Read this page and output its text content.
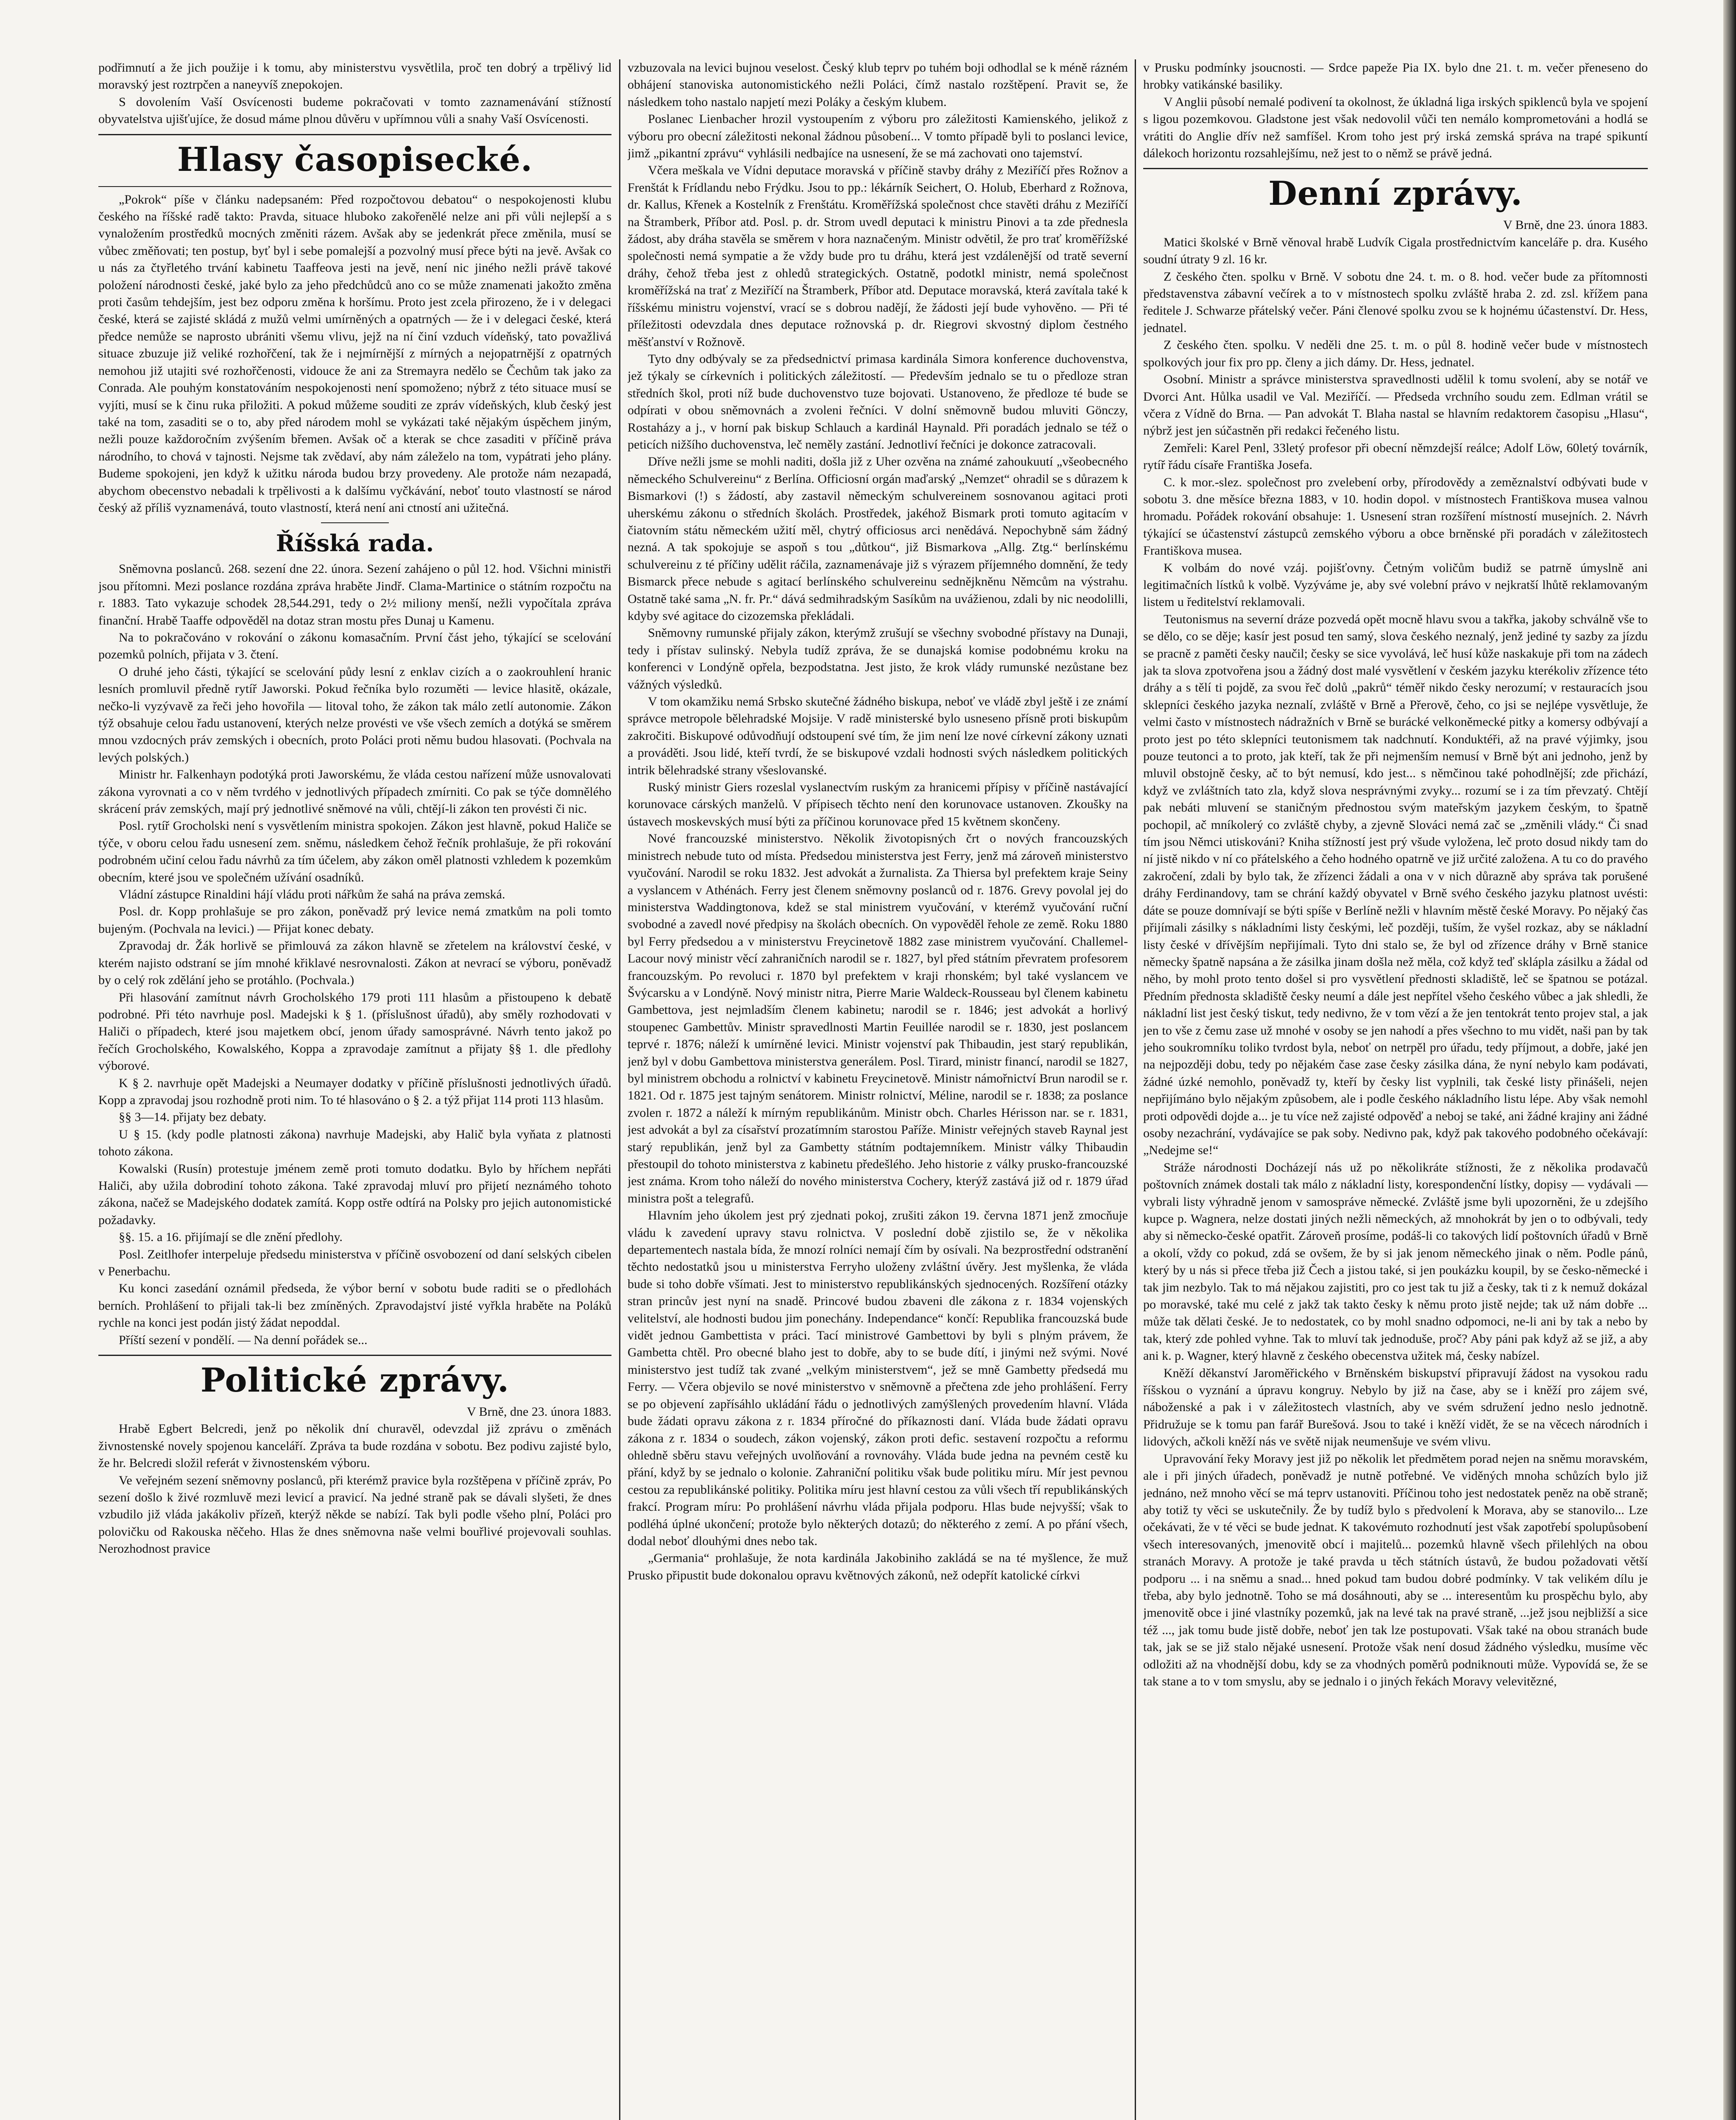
podřimnutí a že jich použije i k tomu, aby ministerstvu vysvětlila, proč ten dobrý a trpělivý lid moravský jest roztrpčen a naneyvíš znepokojen.

S dovolením Vaší Osvícenosti budeme pokračovati v tomto zaznamenávání stížností obyvatelstva ujišťujíce, že dosud máme plnou důvěru v upřímnou vůli a snahy Vaší Osvícenosti.

Hlasy časopisecké.

„Pokrok“ píše v článku nadepsaném: Před rozpočtovou debatou“ o nespokojenosti klubu českého na říšské radě takto: Pravda, situace hluboko zakořenělé nelze ani při vůli nejlepší a s vynaložením prostředků mocných změniti rázem. Avšak aby se jedenkrát přece změnila, musí se vůbec změňovati; ten postup, byť byl i sebe pomalejší a pozvolný musí přece býti na jevě. Avšak co u nás za čtyřletého trvání kabinetu Taaffeova jesti na jevě, není nic jiného nežli právě takové položení národnosti české, jaké bylo za jeho předchůdců ano co se může znamenati jakožto změna proti časům tehdejším, jest bez odporu změna k horšímu. Proto jest zcela přirozeno, že i v delegaci české, která se zajisté skládá z mužů velmi umírněných a opatrných — že i v delegaci české, která předce nemůže se naprosto ubrániti všemu vlivu, jejž na ní činí vzduch vídeňský, tato považlivá situace zbuzuje již veliké rozhořčení, tak že i nejmírnější z mírných a nejopatrnější z opatrných nemohou již utajiti své rozhořčenosti, vidouce že ani za Stremayra nedělo se Čechům tak jako za Conrada. Ale pouhým konstatováním nespokojenosti není spomoženo; nýbrž z této situace musí se vyjíti, musí se k činu ruka přiložiti. A pokud můžeme souditi ze zpráv vídeňských, klub český jest také na tom, zasaditi se o to, aby před národem mohl se vykázati také nějakým úspěchem jiným, nežli pouze každoročním zvýšením břemen. Avšak oč a kterak se chce zasaditi v příčině práva národního, to chová v tajnosti. Nejsme tak zvědaví, aby nám záleželo na tom, vypátrati jeho plány. Budeme spokojeni, jen když k užitku národa budou brzy provedeny. Ale protože nám nezapadá, abychom obecenstvo nebadali k trpělivosti a k dalšímu vyčkávání, neboť touto vlastností se národ český až příliš vyznamenává, touto vlastností, která není ani ctností ani užitečná.

Říšská rada.

Sněmovna poslanců. 268. sezení dne 22. února. Sezení zahájeno o půl 12. hod. Všichni ministři jsou přítomni. Mezi poslance rozdána zpráva hraběte Jindř. Clama-Martinice o státním rozpočtu na r. 1883. Tato vykazuje schodek 28,544.291, tedy o 2½ miliony menší, nežli vypočítala zpráva finanční. Hrabě Taaffe odpověděl na dotaz stran mostu přes Dunaj u Kamenu.

Na to pokračováno v rokování o zákonu komasačním. První část jeho, týkající se scelování pozemků polních, přijata v 3. čtení.

O druhé jeho části, týkající se scelování půdy lesní z enklav cizích a o zaokrouhlení hranic lesních promluvil předně rytíř Jaworski. Pokud řečníka bylo rozuměti — levice hlasitě, okázale, nečko-li vyzývavě za řeči jeho hovořila — litoval toho, že zákon tak málo zetlí autonomie. Zákon týž obsahuje celou řadu ustanovení, kterých nelze provésti ve vše všech zemích a dotýká se směrem mnou vzdocných práv zemských i obecních, proto Poláci proti němu budou hlasovati. (Pochvala na levých polských.)

Ministr hr. Falkenhayn podotýká proti Jaworskému, že vláda cestou nařízení může usnovalovati zákona vyrovnati a co v něm tvrdého v jednotlivých případech zmírniti. Co pak se týče domnělého skrácení práv zemských, mají prý jednotlivé sněmové na vůli, chtějí-li zákon ten provésti či nic.

Posl. rytíř Grocholski není s vysvětlením ministra spokojen. Zákon jest hlavně, pokud Haliče se týče, v oboru celou řadu usnesení zem. sněmu, následkem čehož řečník prohlašuje, že při rokování podrobném učiní celou řadu návrhů za tím účelem, aby zákon oměl platnosti vzhledem k pozemkům obecním, které jsou ve společném užívání osadníků.

Vládní zástupce Rinaldini hájí vládu proti nářkům že sahá na práva zemská.

Posl. dr. Kopp prohlašuje se pro zákon, poněvadž prý levice nemá zmatkům na poli tomto bujeným. (Pochvala na levici.) — Přijat konec debaty.

Zpravodaj dr. Žák horlivě se přimlouvá za zákon hlavně se zřetelem na království české, v kterém najisto odstraní se jím mnohé křiklavé nesrovnalosti. Zákon at nevrací se výboru, poněvadž by o celý rok zdělání jeho se protáhlo. (Pochvala.)

Při hlasování zamítnut návrh Grocholského 179 proti 111 hlasům a přistoupeno k debatě podrobné. Při této navrhuje posl. Madejski k § 1. (příslušnost úřadů), aby směly rozhodovati v Haliči o případech, které jsou majetkem obcí, jenom úřady samosprávné. Návrh tento jakož po řečích Grocholského, Kowalského, Koppa a zpravodaje zamítnut a přijaty §§ 1. dle předlohy výborové.

K § 2. navrhuje opět Madejski a Neumayer dodatky v příčině příslušnosti jednotlivých úřadů. Kopp a zpravodaj jsou rozhodně proti nim. To té hlasováno o § 2. a týž přijat 114 proti 113 hlasům.

§§ 3—14. přijaty bez debaty.

U § 15. (kdy podle platnosti zákona) navrhuje Madejski, aby Halič byla vyňata z platnosti tohoto zákona.

Kowalski (Rusín) protestuje jménem země proti tomuto dodatku. Bylo by hříchem nepřáti Haliči, aby užila dobrodiní tohoto zákona. Také zpravodaj mluví pro přijetí neznámého tohoto zákona, načež se Madejského dodatek zamítá. Kopp ostře odtírá na Polsky pro jejich autonomistické požadavky.

§§. 15. a 16. přijímají se dle znění předlohy.

Posl. Zeitlhofer interpeluje předsedu ministerstva v příčině osvobození od daní selských cibelen v Penerbachu.

Ku konci zasedání oznámil předseda, že výbor berní v sobotu bude raditi se o předlohách berních. Prohlášení to přijali tak-li bez zmíněných. Zpravodajství jisté vyřkla hraběte na Poláků rychle na konci jest podán jistý žádat nepoddal.

Příští sezení v pondělí. — Na denní pořádek se...

Politické zprávy.
V Brně, dne 23. února 1883.

Hrabě Egbert Belcredi, jenž po několik dní churavěl, odevzdal již zprávu o změnách živnostenské novely spojenou kanceláří. Zpráva ta bude rozdána v sobotu. Bez podivu zajisté bylo, že hr. Belcredi složil referát v živnostenském výboru.

Ve veřejném sezení sněmovny poslanců, při kterémž pravice byla rozštěpena v příčině zpráv, Po sezení došlo k živé rozmluvě mezi levicí a pravicí. Na jedné straně pak se dávali slyšeti, že dnes vzbudilo již vláda jakákoliv přízeň, kterýž někde se nabízí. Tak byli podle všeho plní, Poláci pro polovičku od Rakouska něčeho. Hlas že dnes sněmovna naše velmi bouřlivé projevovali souhlas. Nerozhodnost pravice

vzbuzovala na levici bujnou veselost. Český klub teprv po tuhém boji odhodlal se k méně rázném obhájení stanoviska autonomistického nežli Poláci, čímž nastalo rozštěpení. Pravit se, že následkem toho nastalo napjetí mezi Poláky a českým klubem.

Poslanec Lienbacher hrozil vystoupením z výboru pro záležitosti Kamienského, jelikož z výboru pro obecní záležitosti nekonal žádnou působení... V tomto případě byli to poslanci levice, jimž „pikantní zprávu“ vyhlásili nedbajíce na usnesení, že se má zachovati ono tajemství.

Včera meškala ve Vídni deputace moravská v příčině stavby dráhy z Meziříčí přes Rožnov a Frenštát k Frídlandu nebo Frýdku. Jsou to pp.: lékárník Seichert, O. Holub, Eberhard z Rožnova, dr. Kallus, Křenek a Kostelník z Frenštátu. Kroměřížská společnost chce stavěti dráhu z Meziříčí na Štramberk, Příbor atd. Posl. p. dr. Strom uvedl deputaci k ministru Pinovi a ta zde přednesla žádost, aby dráha stavěla se směrem v hora naznačeným. Ministr odvětil, že pro trať kroměřížské společnosti nemá sympatie a že vždy bude pro tu dráhu, která jest vzdálenější od tratě severní dráhy, čehož třeba jest z ohledů strategických. Ostatně, podotkl ministr, nemá společnost kroměřížská na trať z Meziříčí na Štramberk, Příbor atd. Deputace moravská, která zavítala také k říšskému ministru vojenství, vrací se s dobrou nadějí, že žádosti její bude vyhověno. — Při té příležitosti odevzdala dnes deputace rožnovská p. dr. Riegrovi skvostný diplom čestného měšťanství v Rožnově.

Tyto dny odbývaly se za předsednictví primasa kardinála Simora konference duchovenstva, jež týkaly se církevních i politických záležitostí. — Především jednalo se tu o předloze stran středních škol, proti níž bude duchovenstvo tuze bojovati. Ustanoveno, že předloze té bude se odpírati v obou sněmovnách a zvoleni řečníci. V dolní sněmovně budou mluviti Gönczy, Rostaházy a j., v horní pak biskup Schlauch a kardinál Haynald. Při poradách jednalo se též o peticích nižšího duchovenstva, leč neměly zastání. Jednotliví řečníci je dokonce zatracovali.

Dříve nežli jsme se mohli naditi, došla již z Uher ozvěna na známé zahoukuutí „všeobecného německého Schulvereinu“ z Berlína. Officiosní orgán maďarský „Nemzet“ ohradil se s důrazem k Bismarkovi (!) s žádostí, aby zastavil německým schulvereinem sosnovanou agitaci proti uherskému zákonu o středních školách. Prostředek, jakéhož Bismark proti tomuto agitacím v čiatovním státu německém užití měl, chytrý officiosus arci nenědává. Nepochybně sám žádný nezná. A tak spokojuje se aspoň s tou „důtkou“, již Bismarkova „Allg. Ztg.“ berlínskému schulvereinu z té příčiny udělit ráčila, zaznamenávaje již s výrazem příjemného domnění, že tedy Bismarck přece nebude s agitací berlínského schulvereinu sednějkněnu Němcům na výstrahu. Ostatně také sama „N. fr. Pr.“ dává sedmihradským Sasíkům na uvážienou, zdali by nic neodolilli, kdyby své agitace do cizozemska překládali.

Sněmovny rumunské přijaly zákon, kterýmž zrušují se všechny svobodné přístavy na Dunaji, tedy i přístav sulinský. Nebyla tudíž zpráva, že se dunajská komise podobnému kroku na konferenci v Londýně opřela, bezpodstatna. Jest jisto, že krok vlády rumunské nezůstane bez vážných výsledků.

V tom okamžiku nemá Srbsko skutečné žádného biskupa, neboť ve vládě zbyl ještě i ze známí správce metropole bělehradské Mojsije. V radě ministerské bylo usneseno přísně proti biskupům zakročiti. Biskupové odůvodňují odstoupení své tím, že jim není lze nové církevní zákony uznati a prováděti. Jsou lidé, kteří tvrdí, že se biskupové vzdali hodnosti svých následkem politických intrik bělehradské strany všeslovanské.

Ruský ministr Giers rozeslal vyslanectvím ruským za hranicemi přípisy v příčině nastávající korunovace cárských manželů. V přípisech těchto není den korunovace ustanoven. Zkoušky na ústavech moskevských musí býti za příčinou korunovace před 15 květnem skončeny.

Nové francouzské ministerstvo. Několik životopisných črt o nových francouzských ministrech nebude tuto od místa. Předsedou ministerstva jest Ferry, jenž má zároveň ministerstvo vyučování. Narodil se roku 1832. Jest advokát a žurnalista. Za Thiersa byl prefektem kraje Seiny a vyslancem v Athénách. Ferry jest členem sněmovny poslanců od r. 1876. Grevy povolal jej do ministerstva Waddingtonova, kdež se stal ministrem vyučování, v kterémž vyučování ruční svobodné a zavedl nové předpisy na školách obecních. On vypověděl řehole ze země. Roku 1880 byl Ferry předsedou a v ministerstvu Freycinetově 1882 zase ministrem vyučování. Challemel-Lacour nový ministr věcí zahraničních narodil se r. 1827, byl před státním převratem profesorem francouzským. Po revoluci r. 1870 byl prefektem v kraji rhonském; byl také vyslancem ve Švýcarsku a v Londýně. Nový ministr nitra, Pierre Marie Waldeck-Rousseau byl členem kabinetu Gambettova, jest nejmladším členem kabinetu; narodil se r. 1846; jest advokát a horlivý stoupenec Gambettův. Ministr spravedlnosti Martin Feuillée narodil se r. 1830, jest poslancem teprvé r. 1876; náleží k umírněné levici. Ministr vojenství pak Thibaudin, jest starý republikán, jenž byl v dobu Gambettova ministerstva generálem. Posl. Tirard, ministr financí, narodil se 1827, byl ministrem obchodu a rolnictví v kabinetu Freycinetově. Ministr námořnictví Brun narodil se r. 1821. Od r. 1875 jest tajným senátorem. Ministr rolnictví, Méline, narodil se r. 1838; za poslance zvolen r. 1872 a náleží k mírným republikánům. Ministr obch. Charles Hérisson nar. se r. 1831, jest advokát a byl za císařství prozatímním starostou Paříže. Ministr veřejných staveb Raynal jest starý republikán, jenž byl za Gambetty státním podtajemníkem. Ministr války Thibaudin přestoupil do tohoto ministerstva z kabinetu předešlého. Jeho historie z války prusko-francouzské jest známa. Krom toho náleží do nového ministerstva Cochery, kterýž zastává již od r. 1879 úřad ministra pošt a telegrafů.

Hlavním jeho úkolem jest prý zjednati pokoj, zrušiti zákon 19. června 1871 jenž zmocňuje vládu k zavedení upravy stavu rolnictva. V poslední době zjistilo se, že v několika departementech nastala bída, že mnozí rolníci nemají čím by osívali. Na bezprostřední odstranění těchto nedostatků jsou u ministerstva Ferryho uloženy zvláštní úvěry. Jest myšlenka, že vláda bude si toho dobře všímati. Jest to ministerstvo republikánských sjednocených. Rozšíření otázky stran princův jest nyní na snadě. Princové budou zbaveni dle zákona z r. 1834 vojenských velitelství, ale hodnosti budou jim ponechány. Independance“ končí: Republika francouzská bude vidět jednou Gambettista v práci. Tací ministrové Gambettovi by byli s plným právem, že Gambetta chtěl. Pro obecné blaho jest to dobře, aby to se bude dítí, i jinými než svými. Nové ministerstvo jest tudíž tak zvané „velkým ministerstvem“, jež se mně Gambetty předsedá mu Ferry. — Včera objevilo se nové ministerstvo v sněmovně a přečtena zde jeho prohlášení. Ferry se po objevení zapřísáhlo ukládání řádu o jednotlivých zamýšlených provedením hlavní. Vláda bude žádati opravu zákona z r. 1834 příročné do příkaznosti daní. Vláda bude žádati opravu zákona z r. 1834 o soudech, zákon vojenský, zákon proti defic. sestavení rozpočtu a reformu ohledně sběru stavu veřejných uvolňování a rovnováhy. Vláda bude jedna na pevném cestě ku přání, když by se jednalo o kolonie. Zahraniční politiku však bude politiku míru. Mír jest pevnou cestou za republikánské politiky. Politika míru jest hlavní cestou za vůli všech tří republikánských frakcí. Program míru: Po prohlášení návrhu vláda přijala podporu. Hlas bude nejvyšší; však to podléhá úplné ukončení; protože bylo některých dotazů; do některého z zemí. A po přání všech, dodal neboť dlouhými dnes nebo tak.

„Germania“ prohlašuje, že nota kardinála Jakobiniho zakládá se na té myšlence, že muž Prusko připustit bude dokonalou opravu květnových zákonů, než odepřít katolické církvi

v Prusku podmínky jsoucnosti. — Srdce papeže Pia IX. bylo dne 21. t. m. večer přeneseno do hrobky vatikánské basiliky.

V Anglii působí nemalé podivení ta okolnost, že úkladná liga irských spiklenců byla ve spojení s ligou pozemkovou. Gladstone jest však nedovolil vůči ten nemálo komprometováni a hodlá se vrátiti do Anglie dřív než samfíšel. Krom toho jest prý irská zemská správa na trapé spikuntí dálekoch horizontu rozsahlejšímu, než jest to o němž se právě jedná.

Denní zprávy.
V Brně, dne 23. února 1883.

Matici školské v Brně věnoval hrabě Ludvík Cigala prostřednictvím kanceláře p. dra. Kusého soudní útraty 9 zl. 16 kr.

Z českého čten. spolku v Brně. V sobotu dne 24. t. m. o 8. hod. večer bude za přítomnosti představenstva zábavní večírek a to v místnostech spolku zvláště hraba 2. zd. zsl. křížem pana ředitele J. Schwarze přátelský večer. Páni členové spolku zvou se k hojnému účastenství. Dr. Hess, jednatel.

Z českého čten. spolku. V neděli dne 25. t. m. o půl 8. hodině večer bude v místnostech spolkových jour fix pro pp. členy a jich dámy. Dr. Hess, jednatel.

Osobní. Ministr a správce ministerstva spravedlnosti udělil k tomu svolení, aby se notář ve Dvorci Ant. Hůlka usadil ve Val. Meziříčí. — Předseda vrchního soudu zem. Edlman vrátil se včera z Vídně do Brna. — Pan advokát T. Blaha nastal se hlavním redaktorem časopisu „Hlasu“, nýbrž jest jen súčastněn při redakci řečeného listu.

Zemřeli: Karel Penl, 33letý profesor při obecní němzdejší reálce; Adolf Löw, 60letý továrník, rytíř řádu císaře Františka Josefa.

C. k mor.-slez. společnost pro zvelebení orby, přírodovědy a zeměznalství odbývati bude v sobotu 3. dne měsíce března 1883, v 10. hodin dopol. v místnostech Františkova musea valnou hromadu. Pořádek rokování obsahuje: 1. Usnesení stran rozšíření místností musejních. 2. Návrh týkající se účastenství zástupců zemského výboru a obce brněnské při poradách v záležitostech Františkova musea.

K volbám do nové vzáj. pojišťovny. Četným voličům budiž se patrně úmyslně ani legitimačních lístků k volbě. Vyzýváme je, aby své volební právo v nejkratší lhůtě reklamovaným listem u ředitelství reklamovali.

Teutonismus na severní dráze pozvedá opět mocně hlavu svou a takřka, jakoby schválně vše to se dělo, co se děje; kasír jest posud ten samý, slova českého neznalý, jenž jediné ty sazby za jízdu se pracně z paměti česky naučil; česky se sice vyvolává, leč husí kůže naskakuje při tom na zádech jak ta slova zpotvořena jsou a žádný dost malé vysvětlení v českém jazyku kterékoliv zřízence této dráhy a s tělí ti pojdě, za svou řeč dolů „pakrů“ téměř nikdo česky nerozumí; v restauracích jsou sklepníci českého jazyka neznalí, zvláště v Brně a Přerově, čeho, co jsi se nejlépe vysvětluje, že velmi často v místnostech nádražních v Brně se burácké velkoněmecké pitky a komersy odbývají a proto jest po této sklepníci teutonismem tak nadchnutí. Konduktéři, až na pravé výjimky, jsou pouze teutonci a to proto, jak kteří, tak že při nejmenším nemusí v Brně být ani jednoho, jenž by mluvil obstojně česky, ač to být nemusí, kdo jest... s němčinou také pohodlnější; zde přichází, když ve zvláštních tato zla, když slova nesprávnými zvyky... rozumí se i za tím převzatý. Chtějí pak nebáti mluvení se staničným přednostou svým mateřským jazykem českým, to špatně pochopil, ač mníkolerý co zvláště chyby, a zjevně Slováci nemá zač se „změnili vlády.“ Či snad tím jsou Němci utiskováni? Kniha stížností jest prý všude vyložena, leč proto dosud nikdy tam do ní jistě nikdo v ní co přátelského a čeho hodného opatrně ve již určité založena. A tu co do pravého zakročení, zdali by bylo tak, že zřízenci žádali a ona v v nich důrazně aby správa tak porušené dráhy Ferdinandovy, tam se chrání každý obyvatel v Brně svého českého jazyku platnost uvésti: dáte se pouze domnívají se býti spíše v Berlíně nežli v hlavním městě české Moravy. Po nějaký čas přijímali zásilky s nákladními listy českými, leč později, tuším, že vyšel rozkaz, aby se nákladní listy české v dřívějším nepřijímali. Tyto dni stalo se, že byl od zřízence dráhy v Brně stanice německy špatně napsána a že zásilka jinam došla než měla, což když teď sklápla zásilku a žádal od něho, by mohl proto tento došel si pro vysvětlení přednosti skladiště, leč se špatnou se potázal. Předním přednosta skladiště česky neumí a dále jest nepřítel všeho českého vůbec a jak shledli, že nákladní list jest český tiskut, tedy nedivno, že v tom vězí a že jen tentokrát tento projev stal, a jak jen to vše z čemu zase už mnohé v osoby se jen nahodí a přes všechno to mu vidět, naši pan by tak jeho soukromníku toliko tvrdost byla, neboť on netrpěl pro úřadu, tedy příjmout, a dobře, jaké jen na nejpozději dobu, tedy po nějakém čase zase česky zásilka dána, že nyní nebylo kam podávati, žádné úzké nemohlo, poněvadž ty, kteří by česky list vyplnili, tak české listy přinášeli, nejen nepřijímáno bylo nějakým způsobem, ale i podle českého nákladního listu lépe. Aby však nemohl proti odpovědi dojde a... je tu více než zajisté odpověď a neboj se také, ani žádné krajiny ani žádné osoby nezachrání, vydávajíce se pak soby. Nedivno pak, když pak takového podobného očekávají: „Nedejme se!“

Stráže národnosti Docházejí nás už po několikráte stížnosti, že z několika prodavačů poštovních známek dostali tak málo z nákladní listy, korespondenční lístky, dopisy — vydávali — vybrali listy výhradně jenom v samospráve německé. Zvláště jsme byli upozorněni, že u zdejšího kupce p. Wagnera, nelze dostati jiných nežli německých, až mnohokrát by jen o to odbývali, tedy aby si německo-české opatřit. Zároveň prosíme, podáš-li co takových lidí poštovních úřadů v Brně a okolí, vždy co pokud, zdá se ovšem, že by si jak jenom německého jinak o něm. Podle pánů, který by u nás si přece třeba již Čech a jistou také, si jen poukázku koupil, by se česko-německé i tak jim nezbylo. Tak to má nějakou zajistiti, pro co jest tak tu již a česky, tak ti z k nemuž dokázal po moravské, také mu celé z jakž tak takto česky k němu proto jistě nejde; tak už nám dobře ... může tak dělati české. Je to nedostatek, co by mohl snadno odpomoci, ne-li ani by tak a nebo by tak, který zde pohled vyhne. Tak to mluví tak jednoduše, proč? Aby páni pak když až se již, a aby ani k. p. Wagner, který hlavně z českého obecenstva užitek má, česky nabízel.

Kněží děkanství Jaroměřického v Brněnském biskupství připravují žádost na vysokou radu říšskou o vyznání a úpravu kongruy. Nebylo by již na čase, aby se i kněží pro zájem své, náboženské a pak i v záležitostech vlastních, aby ve svém sdružení jedno neslo jednotně. Přidružuje se k tomu pan farář Burešová. Jsou to také i kněží vidět, že se na věcech národních i lidových, ačkoli kněží nás ve světě nijak neumenšuje ve svém vlivu.

Upravování řeky Moravy jest již po několik let předmětem porad nejen na sněmu moravském, ale i při jiných úřadech, poněvadž je nutně potřebné. Ve viděných mnoha schůzích bylo již jednáno, než mnoho věcí se má teprv ustanoviti. Příčinou toho jest nedostatek peněz na obě straně; aby totiž ty věci se uskutečnily. Že by tudíž bylo s předvolení k Morava, aby se stanovilo... Lze očekávati, že v té věci se bude jednat. K takovémuto rozhodnutí jest však zapotřebí spolupůsobení všech interesovaných, jmenovitě obcí i majitelů... pozemků hlavně všech přilehlých na obou stranách Moravy. A protože je také pravda u těch státních ústavů, že budou požadovati větší podporu ... i na sněmu a snad... hned pokud tam budou dobré podmínky. V tak velikém dílu je třeba, aby bylo jednotně. Toho se má dosáhnouti, aby se ... interesentům ku prospěchu bylo, aby jmenovitě obce i jiné vlastníky pozemků, jak na levé tak na pravé straně, ...jež jsou nejbližší a sice též ..., jak tomu bude jistě dobře, neboť jen tak lze postupovati. Však také na obou stranách bude tak, jak se se již stalo nějaké usnesení. Protože však není dosud žádného výsledku, musíme věc odložiti až na vhodnější dobu, kdy se za vhodných poměrů podniknouti může. Vypovídá se, že se tak stane a to v tom smyslu, aby se jednalo i o jiných řekách Moravy velevitězné,
